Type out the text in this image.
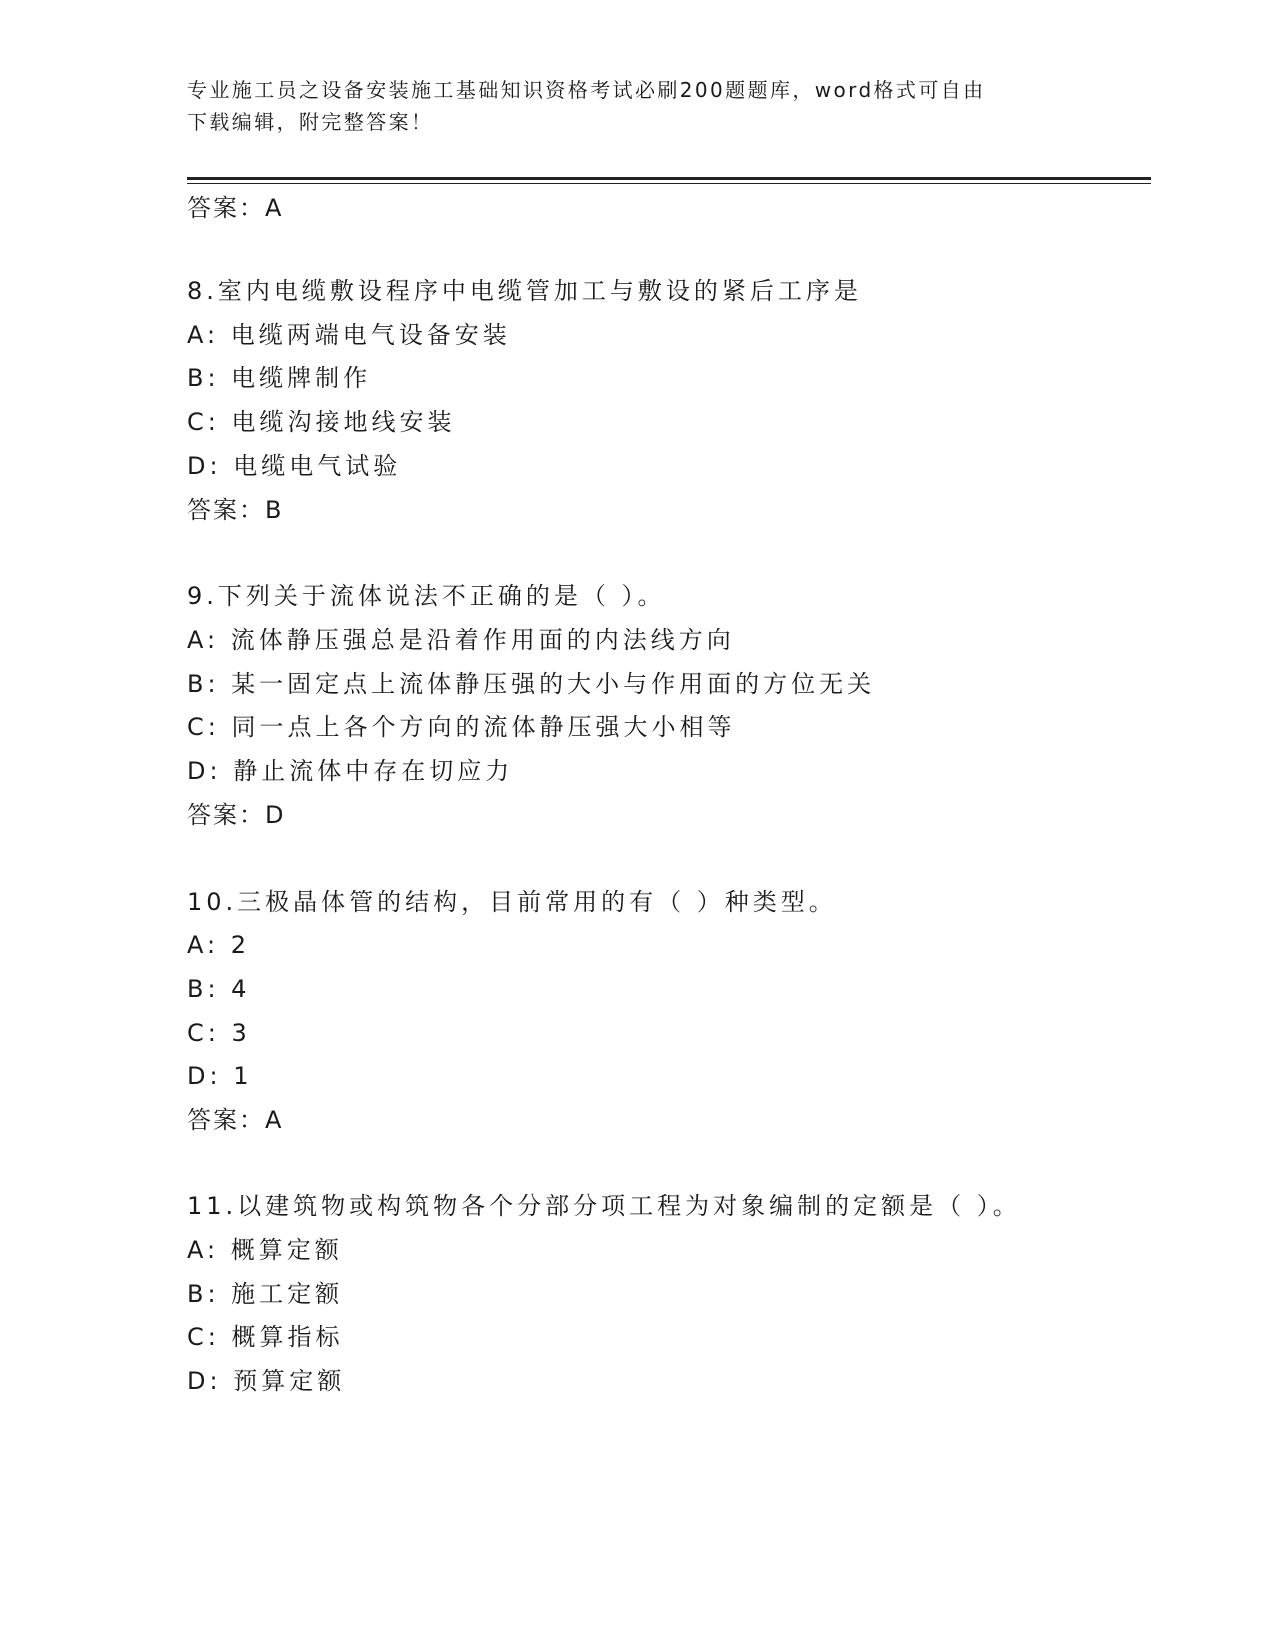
专业施工员之设备安装施工基础知识资格考试必刷200题题库，word格式可自由
下载编辑，附完整答案！
答案：A
8.室内电缆敷设程序中电缆管加工与敷设的紧后工序是
A: 电缆两端电气设备安装
B: 电缆牌制作
C: 电缆沟接地线安装
D: 电缆电气试验
答案：B
9.下列关于流体说法不正确的是（ ）。
A: 流体静压强总是沿着作用面的内法线方向
B: 某一固定点上流体静压强的大小与作用面的方位无关
C: 同一点上各个方向的流体静压强大小相等
D: 静止流体中存在切应力
答案：D
10.三极晶体管的结构，目前常用的有（ ）种类型。
A: 2
B: 4
C: 3
D: 1
答案：A
11.以建筑物或构筑物各个分部分项工程为对象编制的定额是（ ）。
A: 概算定额
B: 施工定额
C: 概算指标
D: 预算定额
